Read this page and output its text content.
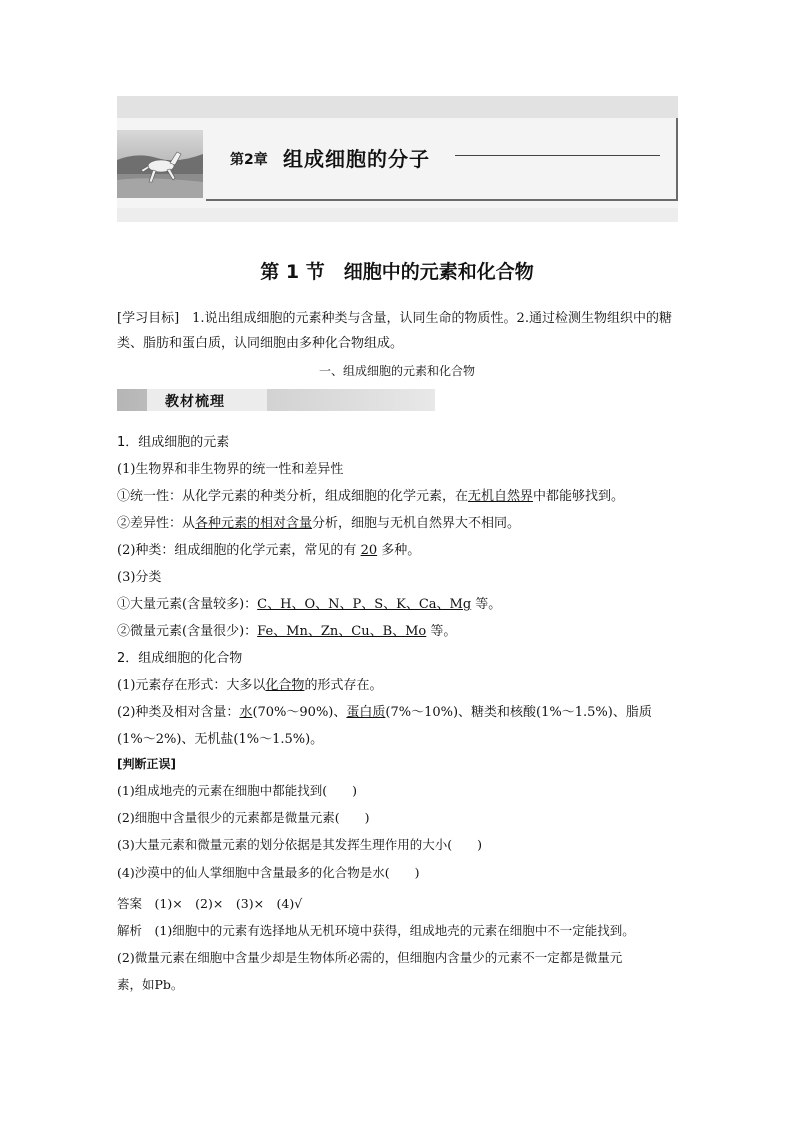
第2章 组成细胞的分子
第 1 节　细胞中的元素和化合物
[学习目标]　1.说出组成细胞的元素种类与含量，认同生命的物质性。2.通过检测生物组织中的糖类、脂肪和蛋白质，认同细胞由多种化合物组成。
一、组成细胞的元素和化合物
教材梳理
1．组成细胞的元素
(1)生物界和非生物界的统一性和差异性
①统一性：从化学元素的种类分析，组成细胞的化学元素，在无机自然界中都能够找到。
②差异性：从各种元素的相对含量分析，细胞与无机自然界大不相同。
(2)种类：组成细胞的化学元素，常见的有 20 多种。
(3)分类
①大量元素(含量较多)：C、H、O、N、P、S、K、Ca、Mg 等。
②微量元素(含量很少)：Fe、Mn、Zn、Cu、B、Mo 等。
2．组成细胞的化合物
(1)元素存在形式：大多以化合物的形式存在。
(2)种类及相对含量：水(70%～90%)、蛋白质(7%～10%)、糖类和核酸(1%～1.5%)、脂质
(1%～2%)、无机盐(1%～1.5%)。
[判断正误]
(1)组成地壳的元素在细胞中都能找到(　　)
(2)细胞中含量很少的元素都是微量元素(　　)
(3)大量元素和微量元素的划分依据是其发挥生理作用的大小(　　)
(4)沙漠中的仙人掌细胞中含量最多的化合物是水(　　)
答案　(1)×　(2)×　(3)×　(4)√
解析　(1)细胞中的元素有选择地从无机环境中获得，组成地壳的元素在细胞中不一定能找到。
(2)微量元素在细胞中含量少却是生物体所必需的，但细胞内含量少的元素不一定都是微量元
素，如Pb。
